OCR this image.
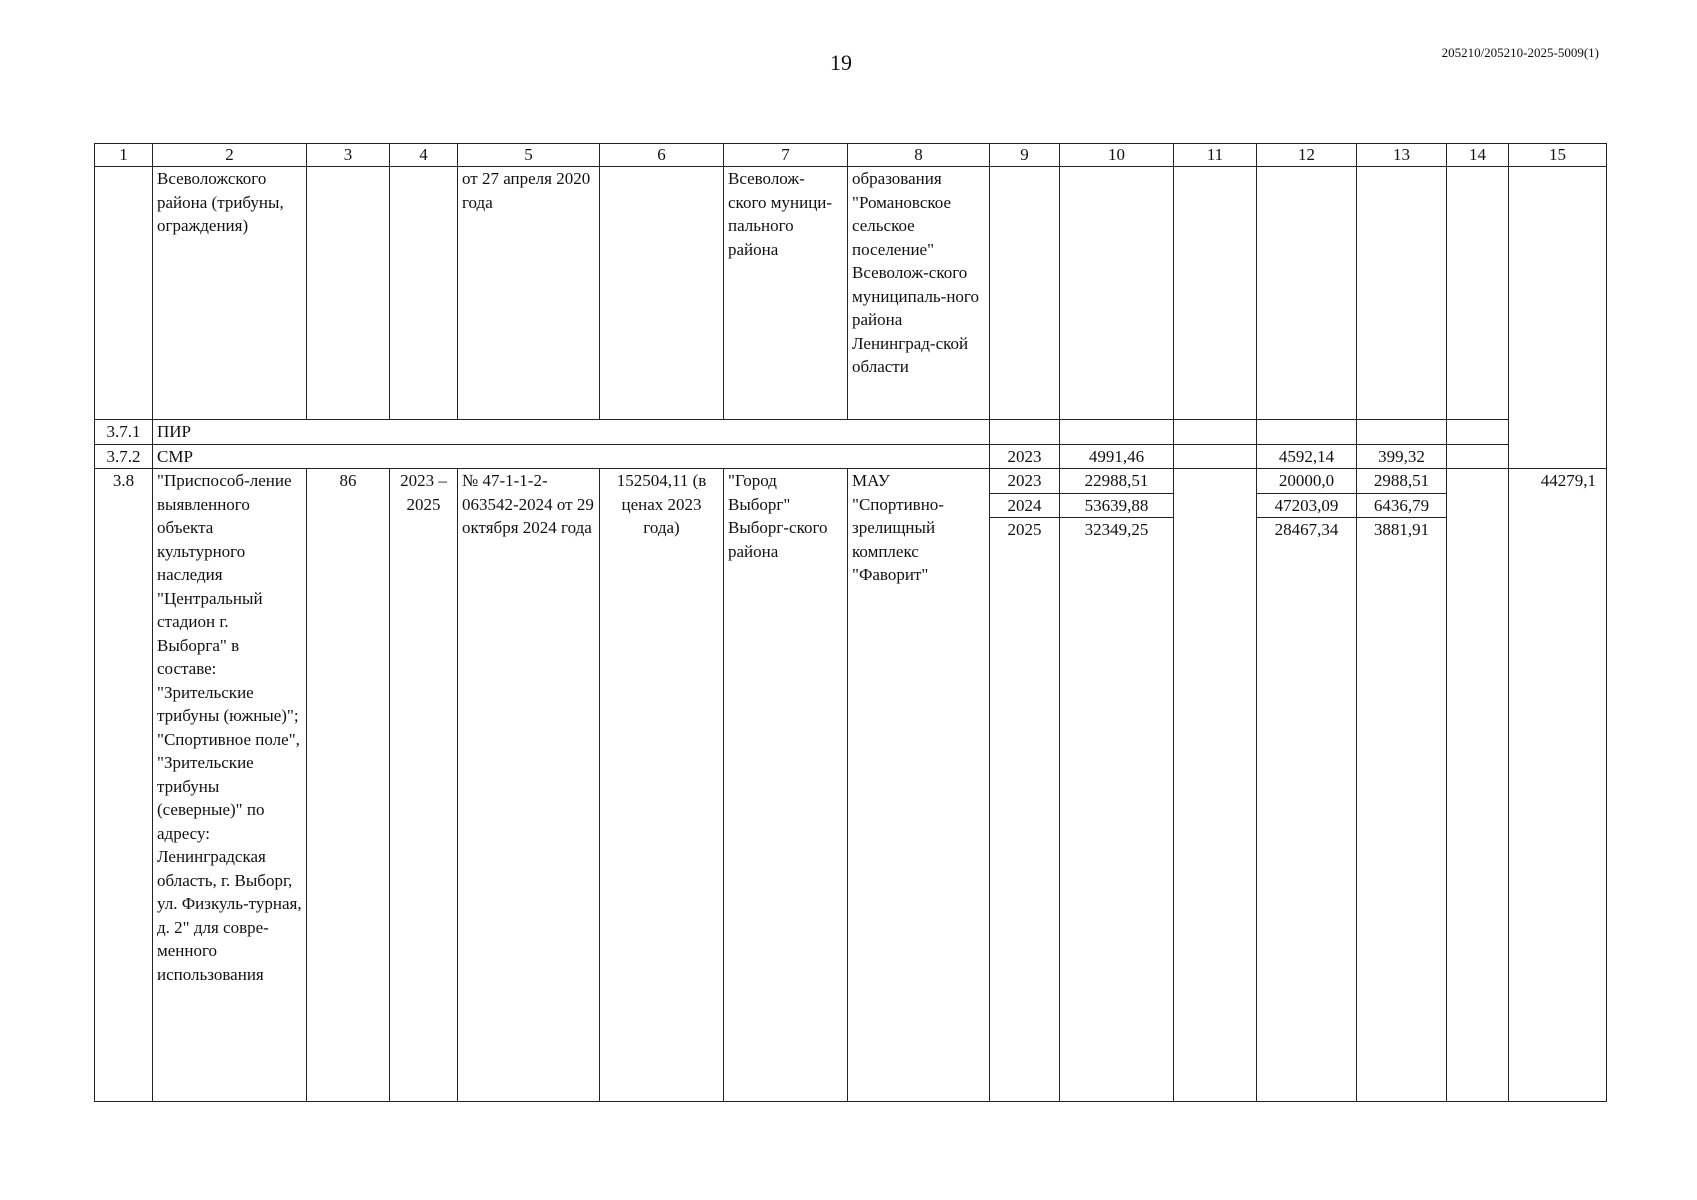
19	205210/205210-2025-5009(1)
1	2	3	4	5	6	7	8	9	10	11	12	13	14	15
	Всеволожского района (трибуны, ограждения)			от 27 апреля 2020 года		Всеволож-ского муници-пального района	образования "Романовское сельское поселение" Всеволож-ского муниципаль-ного района Ленинград-ской области							
3.7.1	ПИР													
3.7.2	СМР							2023	4991,46		4592,14	399,32		
3.8	"Приспособ-ление выявленного объекта культурного наследия "Центральный стадион г. Выборга" в составе: "Зрительские трибуны (южные)"; "Спортивное поле", "Зрительские трибуны (северные)" по адресу: Ленинградская область, г. Выборг, ул. Физкуль-турная, д. 2" для совре-менного использования	86	2023 – 2025	№ 47-1-1-2-063542-2024 от 29 октября 2024 года	152504,11 (в ценах 2023 года)	"Город Выборг" Выборг-ского района	МАУ "Спортивно-зрелищный комплекс "Фаворит"	2023	22988,51		20000,0	2988,51		44279,1
								2024	53639,88		47203,09	6436,79		
								2025	32349,25		28467,34	3881,91		
